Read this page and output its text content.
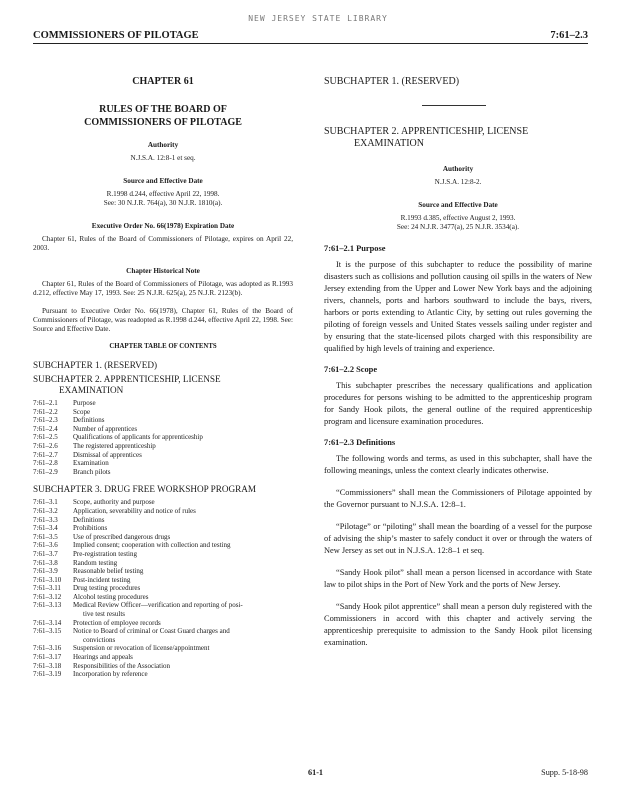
NEW JERSEY STATE LIBRARY
COMMISSIONERS OF PILOTAGE	7:61–2.3
CHAPTER 61
RULES OF THE BOARD OF COMMISSIONERS OF PILOTAGE
Authority
N.J.S.A. 12:8-1 et seq.
Source and Effective Date
R.1998 d.244, effective April 22, 1998.
See: 30 N.J.R. 764(a), 30 N.J.R. 1810(a).
Executive Order No. 66(1978) Expiration Date
Chapter 61, Rules of the Board of Commissioners of Pilotage, expires on April 22, 2003.
Chapter Historical Note
Chapter 61, Rules of the Board of Commissioners of Pilotage, was adopted as R.1993 d.212, effective May 17, 1993. See: 25 N.J.R. 625(a), 25 N.J.R. 2123(b).
Pursuant to Executive Order No. 66(1978), Chapter 61, Rules of the Board of Commissioners of Pilotage, was readopted as R.1998 d.244, effective April 22, 1998. See: Source and Effective Date.
CHAPTER TABLE OF CONTENTS
SUBCHAPTER 1. (RESERVED)
SUBCHAPTER 2. APPRENTICESHIP, LICENSE
EXAMINATION
7:61–2.1	Purpose
7:61–2.2	Scope
7:61–2.3	Definitions
7:61–2.4	Number of apprentices
7:61–2.5	Qualifications of applicants for apprenticeship
7:61–2.6	The registered apprenticeship
7:61–2.7	Dismissal of apprentices
7:61–2.8	Examination
7:61–2.9	Branch pilots
SUBCHAPTER 3. DRUG FREE WORKSHOP PROGRAM
7:61–3.1	Scope, authority and purpose
7:61–3.2	Application, severability and notice of rules
7:61–3.3	Definitions
7:61–3.4	Prohibitions
7:61–3.5	Use of prescribed dangerous drugs
7:61–3.6	Implied consent; cooperation with collection and testing
7:61–3.7	Pre-registration testing
7:61–3.8	Random testing
7:61–3.9	Reasonable belief testing
7:61–3.10	Post-incident testing
7:61–3.11	Drug testing procedures
7:61–3.12	Alcohol testing procedures
7:61–3.13	Medical Review Officer—verification and reporting of posi-
tive test results
7:61–3.14	Protection of employee records
7:61–3.15	Notice to Board of criminal or Coast Guard charges and
convictions
7:61–3.16	Suspension or revocation of license/appointment
7:61–3.17	Hearings and appeals
7:61–3.18	Responsibilities of the Association
7:61–3.19	Incorporation by reference
SUBCHAPTER 1. (RESERVED)
SUBCHAPTER 2. APPRENTICESHIP, LICENSE
EXAMINATION
Authority
N.J.S.A. 12:8-2.
Source and Effective Date
R.1993 d.385, effective August 2, 1993.
See: 24 N.J.R. 3477(a), 25 N.J.R. 3534(a).
7:61–2.1 Purpose
It is the purpose of this subchapter to reduce the possibility of marine disasters such as collisions and pollution causing oil spills in the waters of New Jersey extending from the Upper and Lower New York bays and the adjoining rivers, channels, ports and harbors southward to include the bays, rivers, harbors or ports extending to Atlantic City, by setting out rules governing the piloting of foreign vessels and United States vessels sailing under register and by ensuring that the state-licensed pilots charged with this responsibility are qualified by high levels of training and experience.
7:61–2.2 Scope
This subchapter prescribes the necessary qualifications and application procedures for persons wishing to be admitted to the apprenticeship program for Sandy Hook pilots, the general outline of the required apprenticeship program and licensure examination procedures.
7:61–2.3 Definitions
The following words and terms, as used in this subchapter, shall have the following meanings, unless the context clearly indicates otherwise.
“Commissioners” shall mean the Commissioners of Pilotage appointed by the Governor pursuant to N.J.S.A. 12:8–1.
“Pilotage” or “piloting” shall mean the boarding of a vessel for the purpose of advising the ship’s master to safely conduct it over or through the waters of New Jersey as set out in N.J.S.A. 12:8–1 et seq.
“Sandy Hook pilot” shall mean a person licensed in accordance with State law to pilot ships in the Port of New York and the ports of New Jersey.
“Sandy Hook pilot apprentice” shall mean a person duly registered with the Commissioners in accord with this chapter and actively serving the apprenticeship prerequisite to admission to the Sandy Hook pilot licensing examination.
61-1	Supp. 5-18-98
